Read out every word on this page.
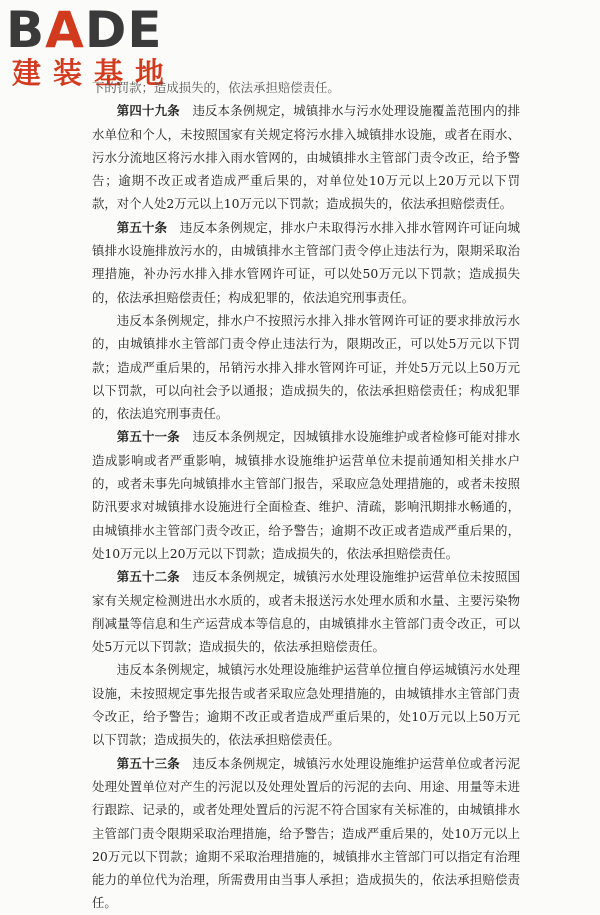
BADE
建装基地

下的罚款；造成损失的，依法承担赔偿责任。

第四十九条　 违反本条例规定，城镇排水与污水处理设施覆盖范围内的排水单位和个人，未按照国家有关规定将污水排入城镇排水设施，或者在雨水、污水分流地区将污水排入雨水管网的，由城镇排水主管部门责令改正，给予警告；逾期不改正或者造成严重后果的，对单位处10万元以上20万元以下罚款，对个人处2万元以上10万元以下罚款；造成损失的，依法承担赔偿责任。

第五十条　 违反本条例规定，排水户未取得污水排入排水管网许可证向城镇排水设施排放污水的，由城镇排水主管部门责令停止违法行为，限期采取治理措施，补办污水排入排水管网许可证，可以处50万元以下罚款；造成损失的，依法承担赔偿责任；构成犯罪的，依法追究刑事责任。

违反本条例规定，排水户不按照污水排入排水管网许可证的要求排放污水的，由城镇排水主管部门责令停止违法行为，限期改正，可以处5万元以下罚款；造成严重后果的，吊销污水排入排水管网许可证，并处5万元以上50万元以下罚款，可以向社会予以通报；造成损失的，依法承担赔偿责任；构成犯罪的，依法追究刑事责任。

第五十一条　 违反本条例规定，因城镇排水设施维护或者检修可能对排水造成影响或者严重影响，城镇排水设施维护运营单位未提前通知相关排水户的，或者未事先向城镇排水主管部门报告，采取应急处理措施的，或者未按照防汛要求对城镇排水设施进行全面检查、维护、清疏，影响汛期排水畅通的，由城镇排水主管部门责令改正，给予警告；逾期不改正或者造成严重后果的，处10万元以上20万元以下罚款；造成损失的，依法承担赔偿责任。

第五十二条　 违反本条例规定，城镇污水处理设施维护运营单位未按照国家有关规定检测进出水水质的，或者未报送污水处理水质和水量、主要污染物削减量等信息和生产运营成本等信息的，由城镇排水主管部门责令改正，可以处5万元以下罚款；造成损失的，依法承担赔偿责任。

违反本条例规定，城镇污水处理设施维护运营单位擅自停运城镇污水处理设施，未按照规定事先报告或者采取应急处理措施的，由城镇排水主管部门责令改正，给予警告；逾期不改正或者造成严重后果的，处10万元以上50万元以下罚款；造成损失的，依法承担赔偿责任。

第五十三条　 违反本条例规定，城镇污水处理设施维护运营单位或者污泥处理处置单位对产生的污泥以及处理处置后的污泥的去向、用途、用量等未进行跟踪、记录的，或者处理处置后的污泥不符合国家有关标准的，由城镇排水主管部门责令限期采取治理措施，给予警告；造成严重后果的，处10万元以上20万元以下罚款；逾期不采取治理措施的，城镇排水主管部门可以指定有治理能力的单位代为治理，所需费用由当事人承担；造成损失的，依法承担赔偿责任。
